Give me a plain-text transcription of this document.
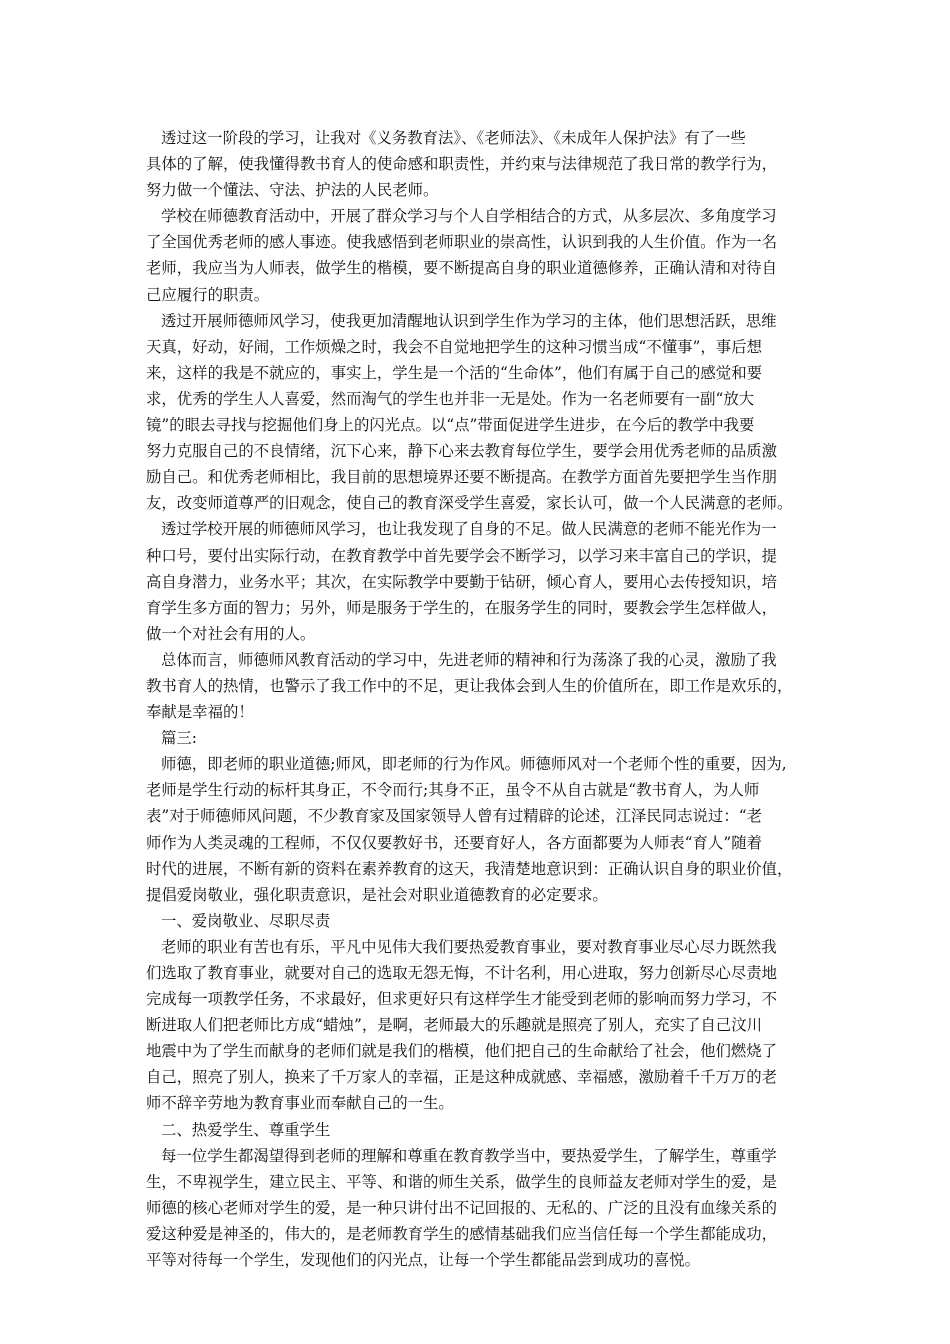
透过这一阶段的学习，让我对《义务教育法》、《老师法》、《未成年人保护法》有了一些
具体的了解，使我懂得教书育人的使命感和职责性，并约束与法律规范了我日常的教学行为，
努力做一个懂法、守法、护法的人民老师。
学校在师德教育活动中，开展了群众学习与个人自学相结合的方式，从多层次、多角度学习
了全国优秀老师的感人事迹。使我感悟到老师职业的崇高性，认识到我的人生价值。作为一名
老师，我应当为人师表，做学生的楷模，要不断提高自身的职业道德修养，正确认清和对待自
己应履行的职责。
透过开展师德师风学习，使我更加清醒地认识到学生作为学习的主体，他们思想活跃，思维
天真，好动，好闹，工作烦燥之时，我会不自觉地把学生的这种习惯当成“不懂事”，事后想
来，这样的我是不就应的，事实上，学生是一个活的“生命体”，他们有属于自己的感觉和要
求，优秀的学生人人喜爱，然而淘气的学生也并非一无是处。作为一名老师要有一副“放大
镜”的眼去寻找与挖掘他们身上的闪光点。以“点”带面促进学生进步，在今后的教学中我要
努力克服自己的不良情绪，沉下心来，静下心来去教育每位学生，要学会用优秀老师的品质激
励自己。和优秀老师相比，我目前的思想境界还要不断提高。在教学方面首先要把学生当作朋
友，改变师道尊严的旧观念，使自己的教育深受学生喜爱，家长认可，做一个人民满意的老师。
透过学校开展的师德师风学习，也让我发现了自身的不足。做人民满意的老师不能光作为一
种口号，要付出实际行动，在教育教学中首先要学会不断学习，以学习来丰富自己的学识，提
高自身潜力，业务水平；其次，在实际教学中要勤于钻研，倾心育人，要用心去传授知识，培
育学生多方面的智力；另外，师是服务于学生的，在服务学生的同时，要教会学生怎样做人，
做一个对社会有用的人。
总体而言，师德师风教育活动的学习中，先进老师的精神和行为荡涤了我的心灵，激励了我
教书育人的热情，也警示了我工作中的不足，更让我体会到人生的价值所在，即工作是欢乐的，
奉献是幸福的！
篇三:
师德，即老师的职业道德;师风，即老师的行为作风。师德师风对一个老师个性的重要，因为,
老师是学生行动的标杆其身正，不令而行;其身不正，虽令不从自古就是“教书育人，为人师
表”对于师德师风问题，不少教育家及国家领导人曾有过精辟的论述，江泽民同志说过：“老
师作为人类灵魂的工程师，不仅仅要教好书，还要育好人，各方面都要为人师表“育人”随着
时代的进展，不断有新的资料在素养教育的这天，我清楚地意识到：正确认识自身的职业价值，
提倡爱岗敬业，强化职责意识，是社会对职业道德教育的必定要求。
一、爱岗敬业、尽职尽责
老师的职业有苦也有乐，平凡中见伟大我们要热爱教育事业，要对教育事业尽心尽力既然我
们选取了教育事业，就要对自己的选取无怨无悔，不计名利，用心进取，努力创新尽心尽责地
完成每一项教学任务，不求最好，但求更好只有这样学生才能受到老师的影响而努力学习，不
断进取人们把老师比方成“蜡烛”，是啊，老师最大的乐趣就是照亮了别人，充实了自己汶川
地震中为了学生而献身的老师们就是我们的楷模，他们把自己的生命献给了社会，他们燃烧了
自己，照亮了别人，换来了千万家人的幸福，正是这种成就感、幸福感，激励着千千万万的老
师不辞辛劳地为教育事业而奉献自己的一生。
二、热爱学生、尊重学生
每一位学生都渴望得到老师的理解和尊重在教育教学当中，要热爱学生，了解学生，尊重学
生，不卑视学生，建立民主、平等、和谐的师生关系，做学生的良师益友老师对学生的爱，是
师德的核心老师对学生的爱，是一种只讲付出不记回报的、无私的、广泛的且没有血缘关系的
爱这种爱是神圣的，伟大的，是老师教育学生的感情基础我们应当信任每一个学生都能成功，
平等对待每一个学生，发现他们的闪光点，让每一个学生都能品尝到成功的喜悦。
